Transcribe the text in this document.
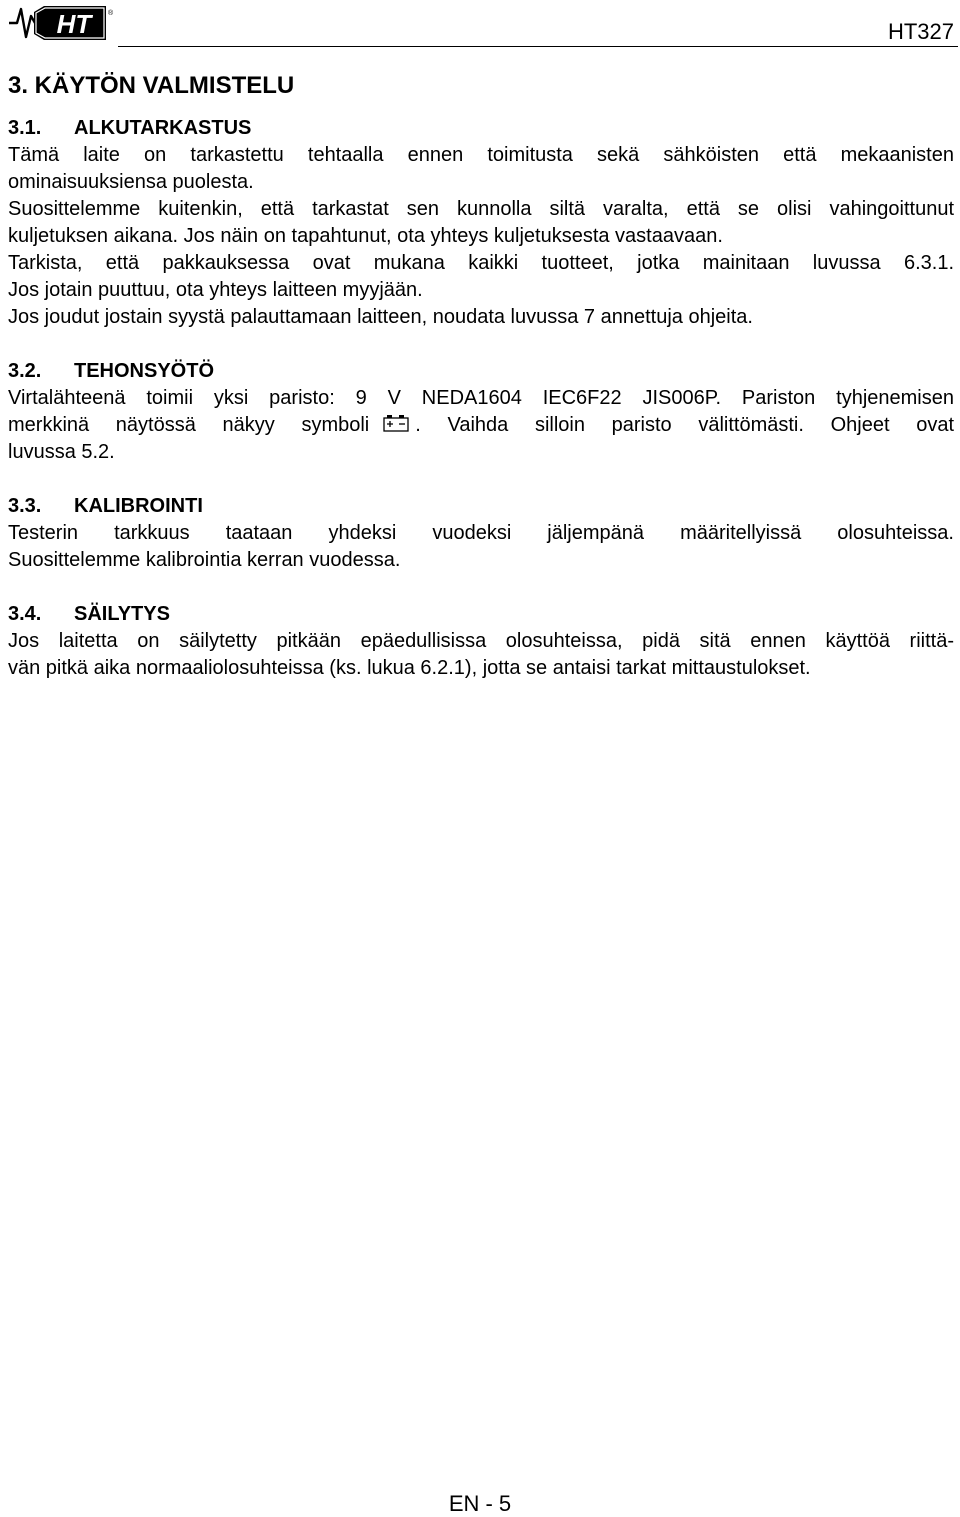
HT	®
HT327
3. KÄYTÖN VALMISTELU
3.1.	ALKUTARKASTUS

Tämä laite on tarkastettu tehtaalla ennen toimitusta sekä sähköisten että mekaanisten

ominaisuuksiensa puolesta.

Suosittelemme kuitenkin, että tarkastat sen kunnolla siltä varalta, että se olisi vahingoittunut

kuljetuksen aikana. Jos näin on tapahtunut, ota yhteys kuljetuksesta vastaavaan.

Tarkista, että pakkauksessa ovat mukana kaikki tuotteet, jotka mainitaan luvussa 6.3.1.

Jos jotain puuttuu, ota yhteys laitteen myyjään.

Jos joudut jostain syystä palauttamaan laitteen, noudata luvussa 7 annettuja ohjeita.

3.2.	TEHONSYÖTÖ

Virtalähteenä toimii yksi paristo: 9 V NEDA1604 IEC6F22 JIS006P. Pariston tyhjenemisen

merkkinä näytössä näkyy symboli . Vaihda silloin paristo välittömästi. Ohjeet ovat

luvussa 5.2.

3.3.	KALIBROINTI

Testerin tarkkuus taataan yhdeksi vuodeksi jäljempänä määritellyissä olosuhteissa.

Suosittelemme kalibrointia kerran vuodessa.

3.4.	SÄILYTYS

Jos laitetta on säilytetty pitkään epäedullisissa olosuhteissa, pidä sitä ennen käyttöä riittä-

vän pitkä aika normaaliolosuhteissa (ks. lukua 6.2.1), jotta se antaisi tarkat mittaustulokset.

EN - 5
